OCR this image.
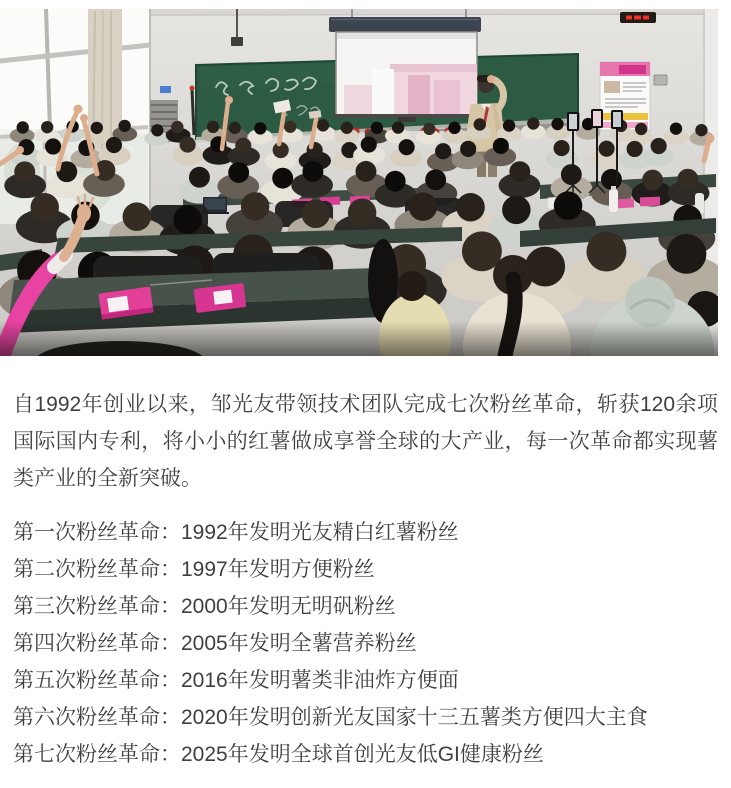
自1992年创业以来，邹光友带领技术团队完成七次粉丝革命，斩获120余项国际国内专利，将小小的红薯做成享誉全球的大产业，每一次革命都实现薯类产业的全新突破。

第一次粉丝革命：1992年发明光友精白红薯粉丝
第二次粉丝革命：1997年发明方便粉丝
第三次粉丝革命：2000年发明无明矾粉丝
第四次粉丝革命：2005年发明全薯营养粉丝
第五次粉丝革命：2016年发明薯类非油炸方便面
第六次粉丝革命：2020年发明创新光友国家十三五薯类方便四大主食
第七次粉丝革命：2025年发明全球首创光友低GI健康粉丝
